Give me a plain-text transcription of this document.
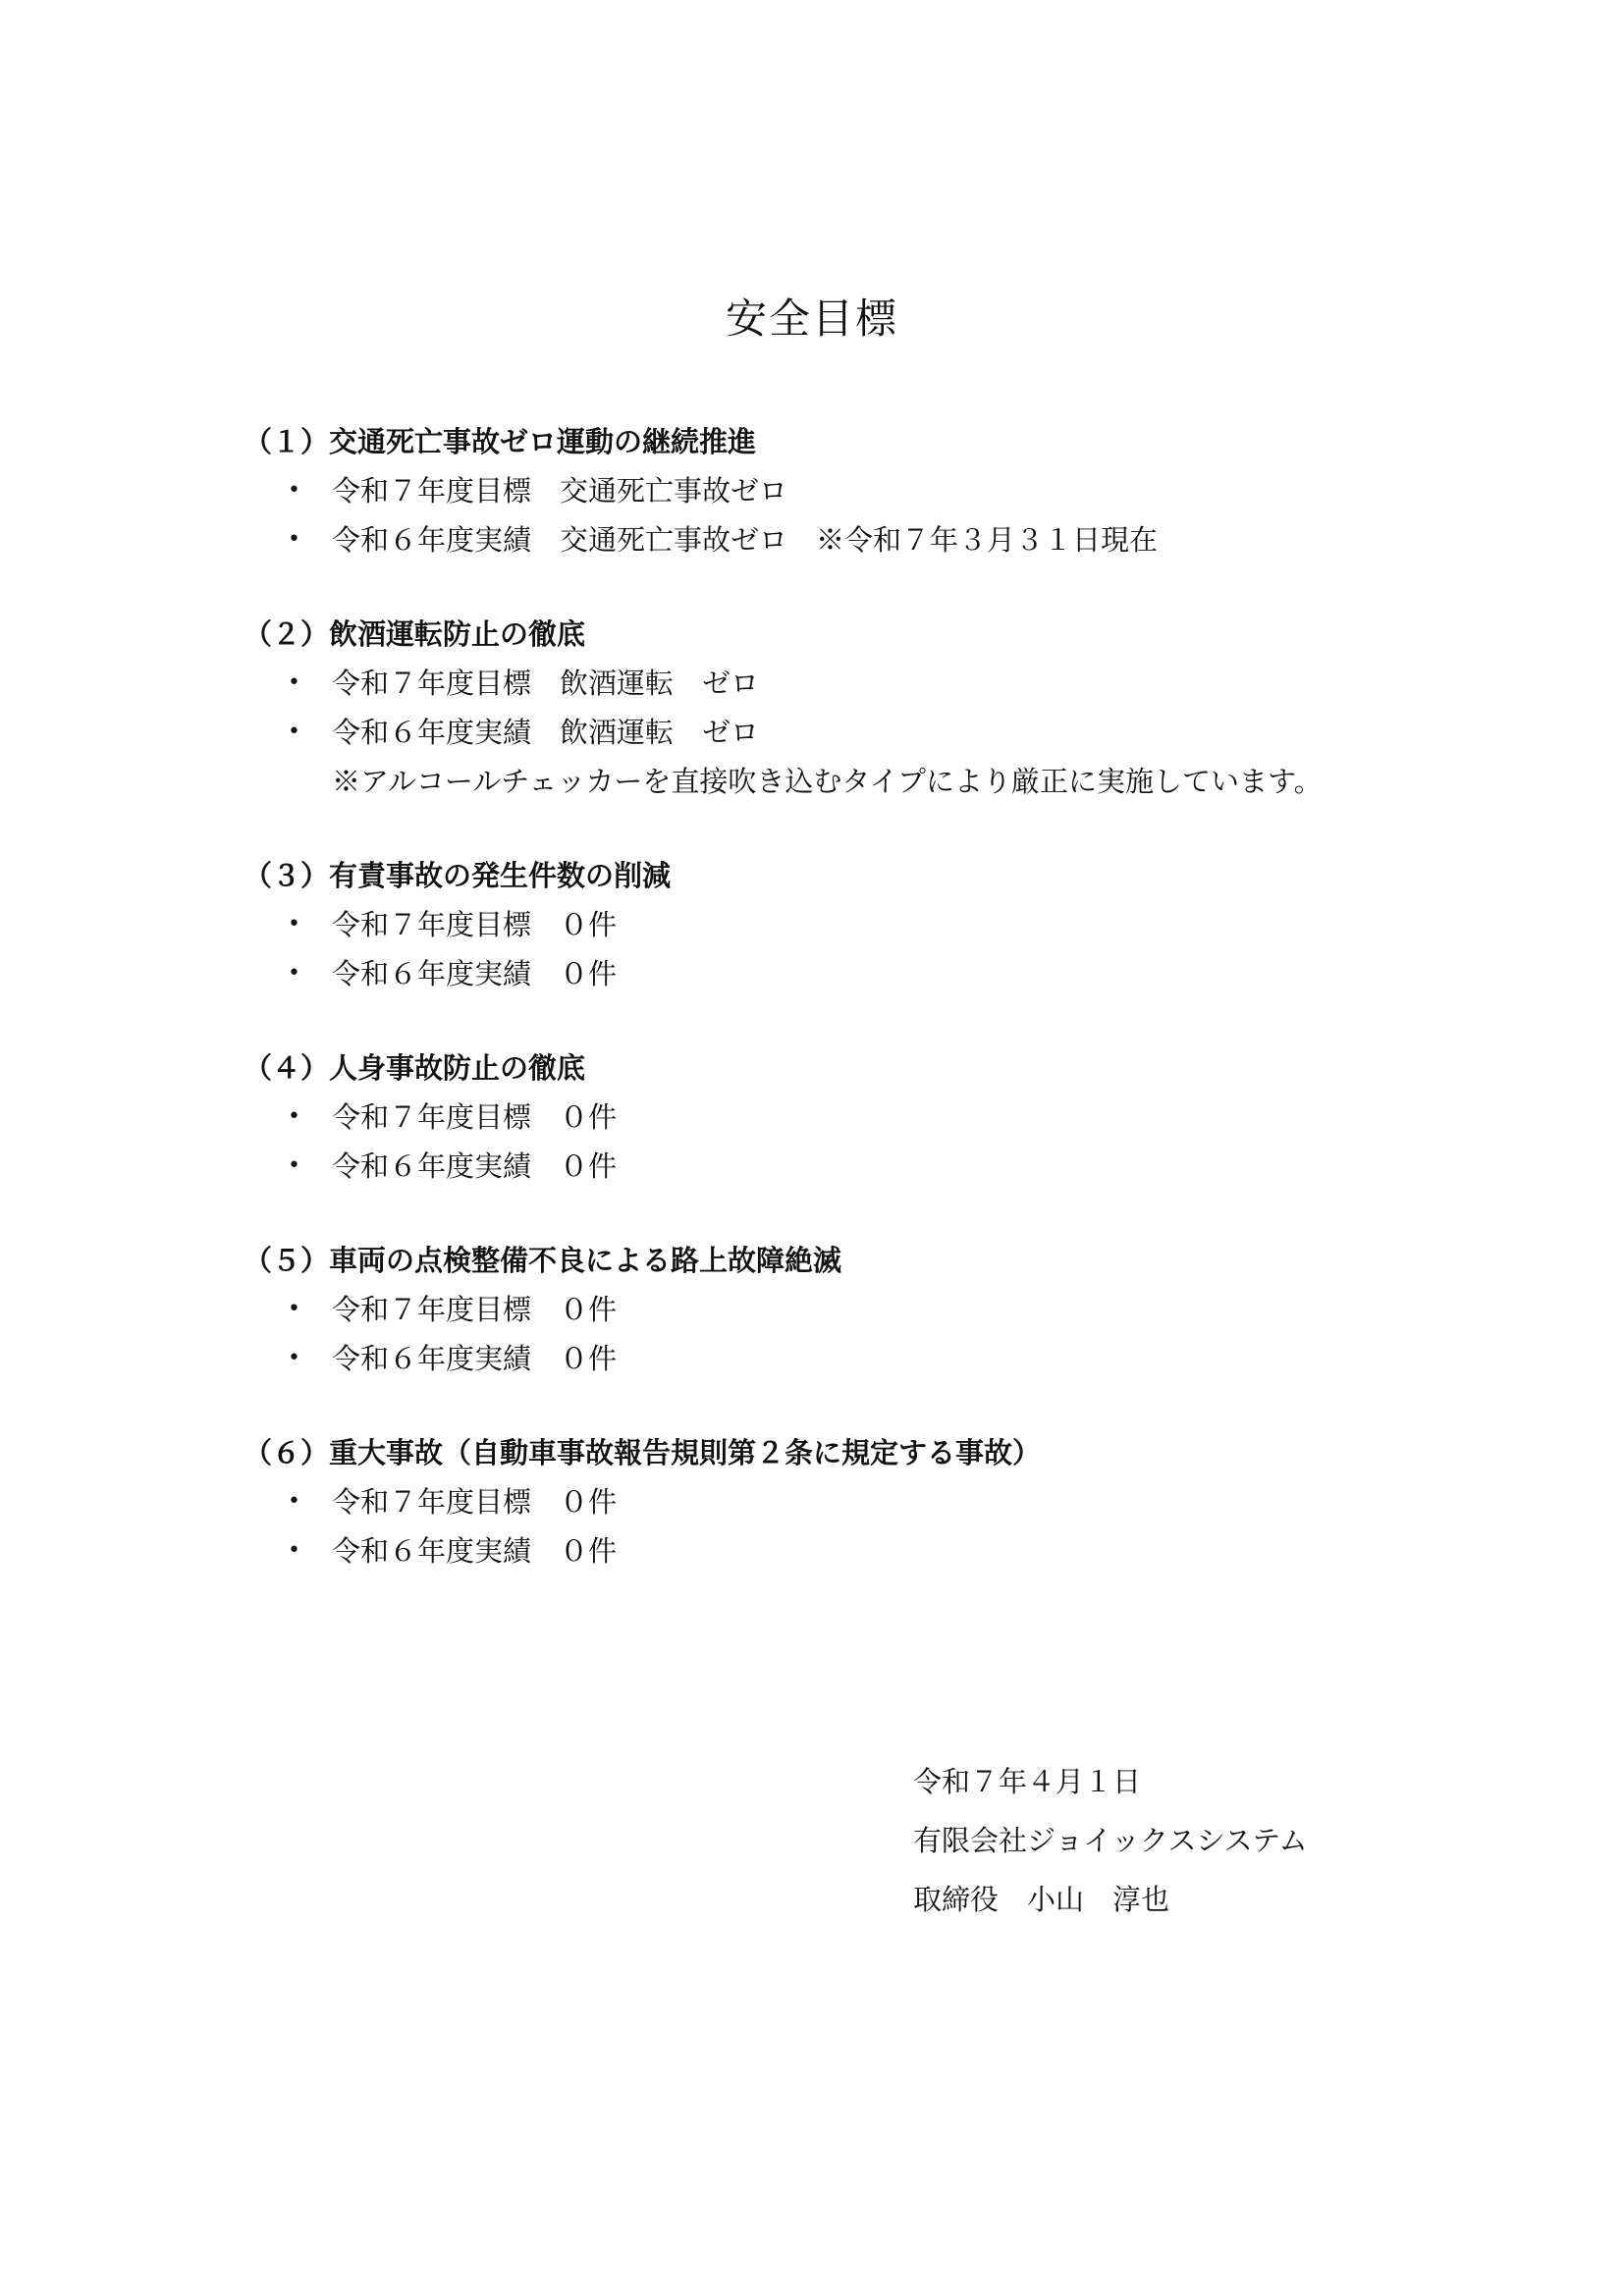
安全目標

（１）交通死亡事故ゼロ運動の継続推進

• 令和７年度目標　交通死亡事故ゼロ
• 令和６年度実績　交通死亡事故ゼロ　※令和７年３月３１日現在

（２）飲酒運転防止の徹底

• 令和７年度目標　飲酒運転　ゼロ
• 令和６年度実績　飲酒運転　ゼロ
※アルコールチェッカーを直接吹き込むタイプにより厳正に実施しています。

（３）有責事故の発生件数の削減

• 令和７年度目標　０件
• 令和６年度実績　０件

（４）人身事故防止の徹底

• 令和７年度目標　０件
• 令和６年度実績　０件

（５）車両の点検整備不良による路上故障絶滅

• 令和７年度目標　０件
• 令和６年度実績　０件

（６）重大事故（自動車事故報告規則第２条に規定する事故）

• 令和７年度目標　０件
• 令和６年度実績　０件
令和７年４月１日
有限会社ジョイックスシステム
取締役　小山　淳也
